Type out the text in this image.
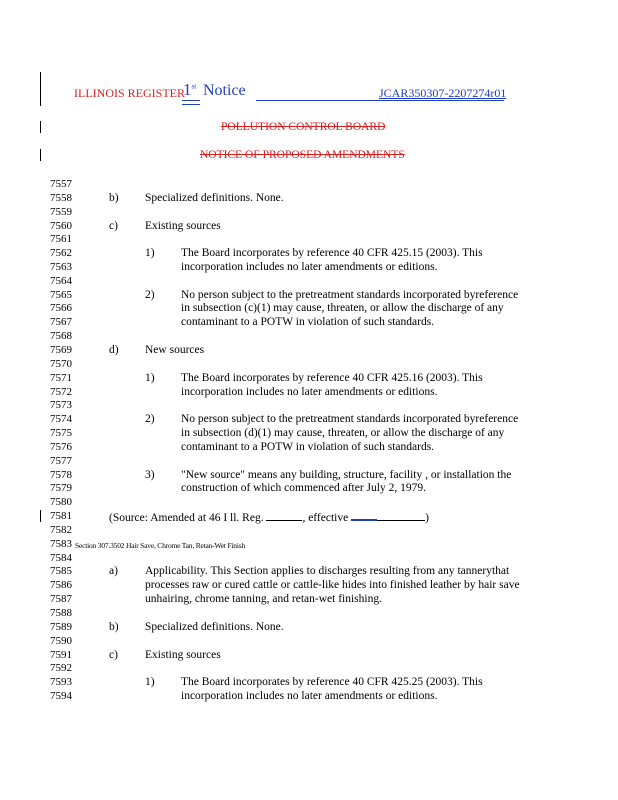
ILLINOIS REGISTER
1st Notice	JCAR350307-2207274r01
POLLUTION CONTROL BOARD
NOTICE OF PROPOSED AMENDMENTS
7557
7558
7559
7560
7561
7562
7563
7564
7565
7566
7567
7568
7569
7570
7571
7572
7573
7574
7575
7576
7577
7578
7579
7580
7581
7582
7583
7584
7585
7586
7587
7588
7589
7590
7591
7592
7593
7594
b) Specialized definitions. None.
c) Existing sources
1) The Board incorporates by reference 40 CFR 425.15 (2003). This
incorporation includes no later amendments or editions.
2) No person subject to the pretreatment standards incorporated byreference
in subsection (c)(1) may cause, threaten, or allow the discharge of any
contaminant to a POTW in violation of such standards.
d) New sources
1) The Board incorporates by reference 40 CFR 425.16 (2003). This
incorporation includes no later amendments or editions.
2) No person subject to the pretreatment standards incorporated byreference
in subsection (d)(1) may cause, threaten, or allow the discharge of any
contaminant to a POTW in violation of such standards.
3) "New source" means any building, structure, facility , or installation the
construction of which commenced after July 2, 1979.
(Source: Amended at 46 I ll. Reg.	, effective	)
Section 307.3502 Hair Save, Chrome Tan, Retan-Wet Finish
a) Applicability. This Section applies to discharges resulting from any tannerythat
processes raw or cured cattle or cattle-like hides into finished leather by hair save
unhairing, chrome tanning, and retan-wet finishing.
b) Specialized definitions. None.
c) Existing sources
1) The Board incorporates by reference 40 CFR 425.25 (2003). This
incorporation includes no later amendments or editions.
